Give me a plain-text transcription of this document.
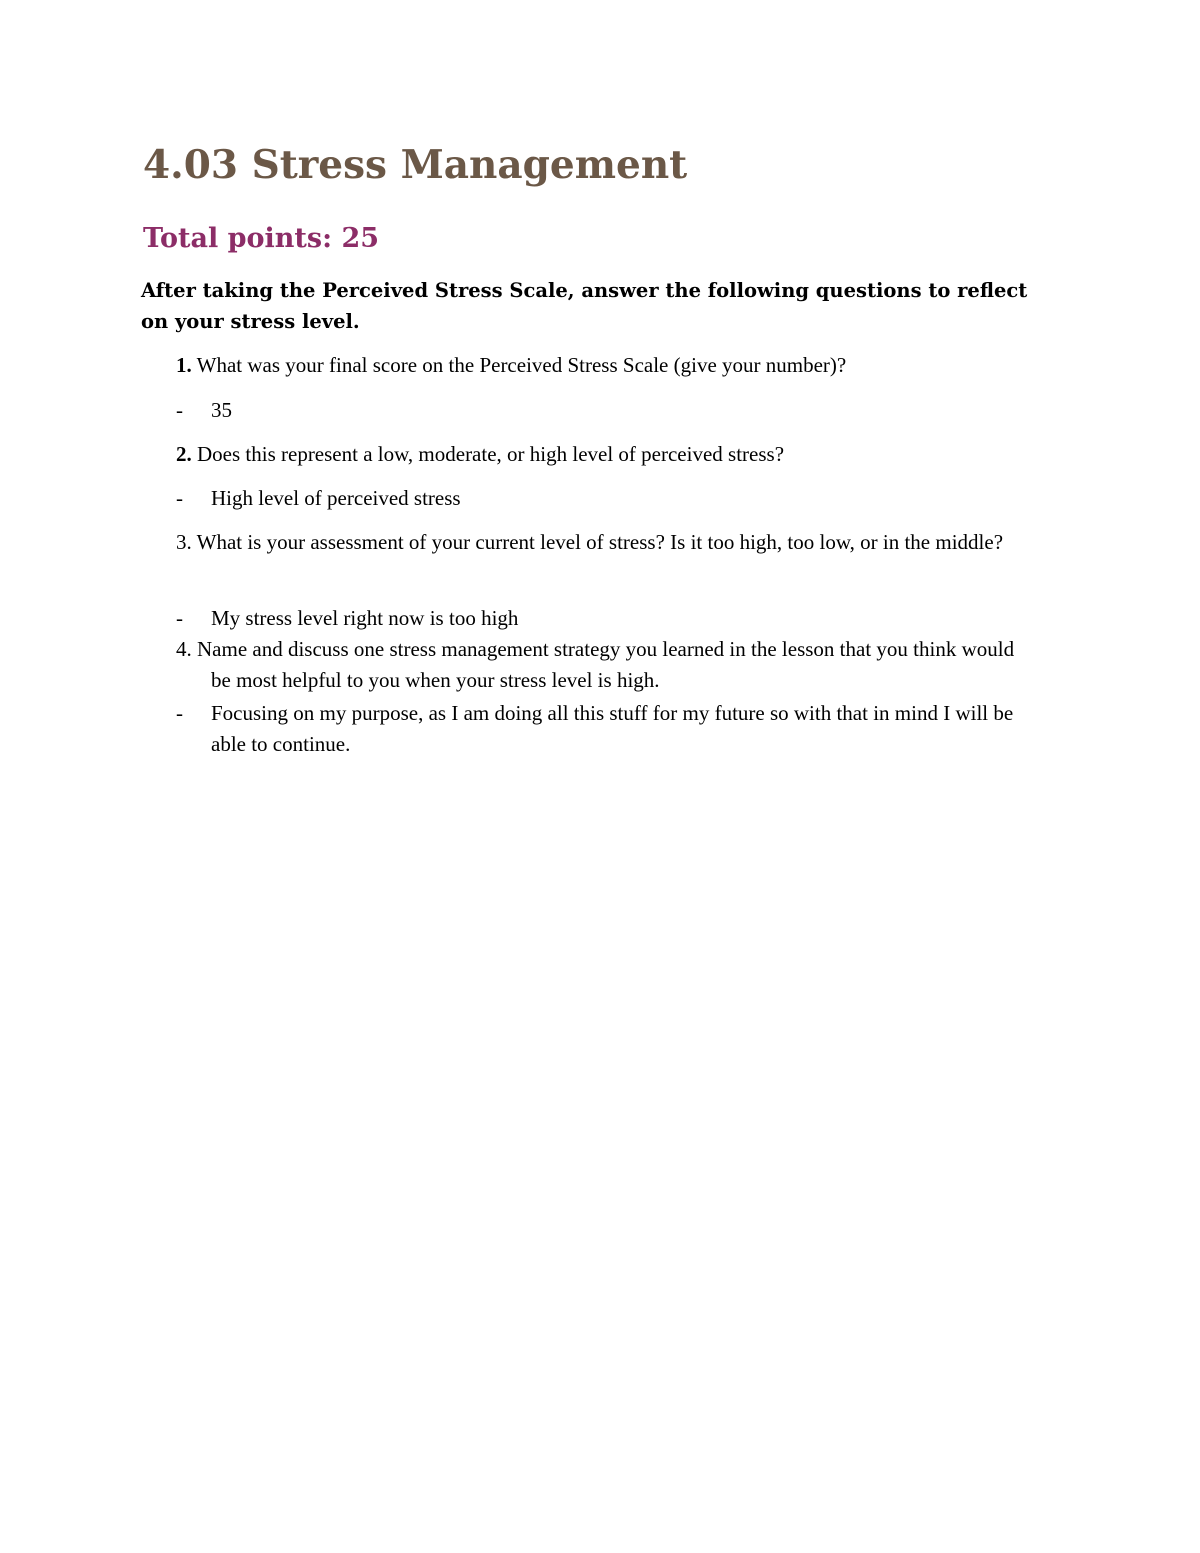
4.03 Stress Management
Total points: 25

After taking the Perceived Stress Scale, answer the following questions to reflect on your stress level.

1. What was your final score on the Perceived Stress Scale (give your number)?

- 35

2. Does this represent a low, moderate, or high level of perceived stress?

- High level of perceived stress

3. What is your assessment of your current level of stress? Is it too high, too low, or in the middle?

- My stress level right now is too high

4. Name and discuss one stress management strategy you learned in the lesson that you think would be most helpful to you when your stress level is high.

- Focusing on my purpose, as I am doing all this stuff for my future so with that in mind I will be able to continue.
